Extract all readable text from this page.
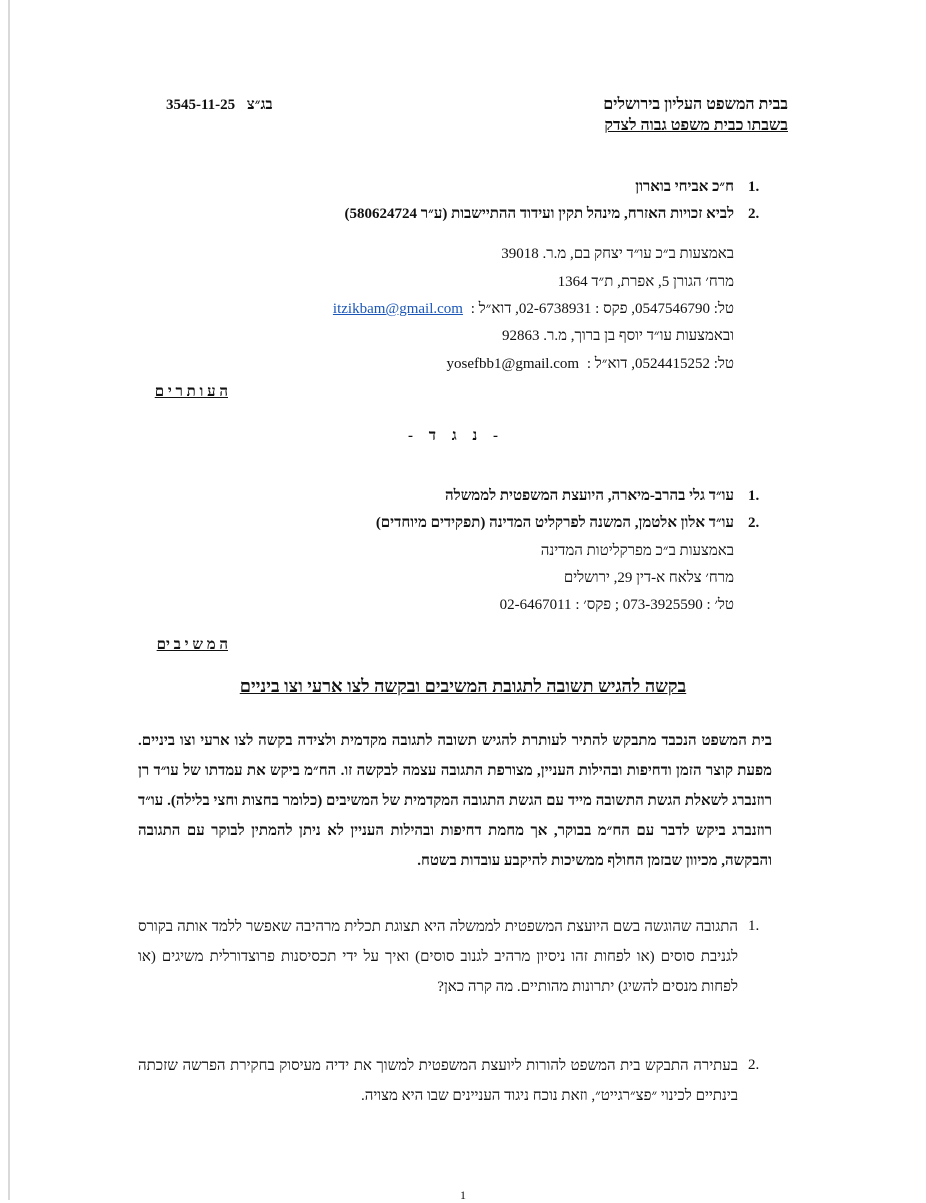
בבית המשפט העליון בירושלים
בשבתו כבית משפט גבוה לצדק
3545-11-25 בג״צ
1.
ח״כ אביחי בוארון
2.
לביא זכויות האזרח, מינהל תקין ועידוד ההתיישבות (ע״ר 580624724)
באמצעות ב״כ עו״ד יצחק בם, מ.ר. 39018
מרח׳ הגורן 5, אפרת, ת״ד 1364
itzikbam@gmail.com טל: 0547546790, פקס : 02-6738931, דוא״ל :
ובאמצעות עו״ד יוסף בן ברוך, מ.ר. 92863
yosefbb1@gmail.com טל: 0524415252, דוא״ל :
ה ע ו ת ר י ם
- נ ג ד -
1.
עו״ד גלי בהרב-מיארה, היועצת המשפטית לממשלה
2.
עו״ד אלון אלטמן, המשנה לפרקליט המדינה (תפקידים מיוחדים)
באמצעות ב״כ מפרקליטות המדינה
מרח׳ צלאח א-דין 29, ירושלים
טל׳ : 073-3925590 ; פקס׳ : 02-6467011
ה מ ש י ב ים
בקשה להגיש תשובה לתגובת המשיבים ובקשה לצו ארעי וצו ביניים
בית המשפט הנכבד מתבקש להתיר לעותרת להגיש תשובה לתגובה מקדמית ולצידה בקשה לצו ארעי וצו ביניים. מפעת קוצר הזמן ודחיפות ובהילות העניין, מצורפת התגובה עצמה לבקשה זו. הח״מ ביקש את עמדתו של עו״ד רן רוזנברג לשאלת הגשת התשובה מייד עם הגשת התגובה המקדמית של המשיבים (כלומר בחצות וחצי בלילה). עו״ד רוזנברג ביקש לדבר עם הח״מ בבוקר, אך מחמת דחיפות ובהילות העניין לא ניתן להמתין לבוקר עם התגובה והבקשה, מכיוון שבזמן החולף ממשיכות להיקבע עובדות בשטח.
1.
התגובה שהוגשה בשם היועצת המשפטית לממשלה היא תצוגת תכלית מרהיבה שאפשר ללמד אותה בקורס לגניבת סוסים (או לפחות זהו ניסיון מרהיב לגנוב סוסים) ואיך על ידי תכסיסנות פרוצדורלית משיגים (או לפחות מנסים להשיג) יתרונות מהותיים. מה קרה כאן?
2.
בעתירה התבקש בית המשפט להורות ליועצת המשפטית למשוך את ידיה מעיסוק בחקירת הפרשה שזכתה בינתיים לכינוי ״פצ״רגייט״, וזאת נוכח ניגוד העניינים שבו היא מצויה.
1
